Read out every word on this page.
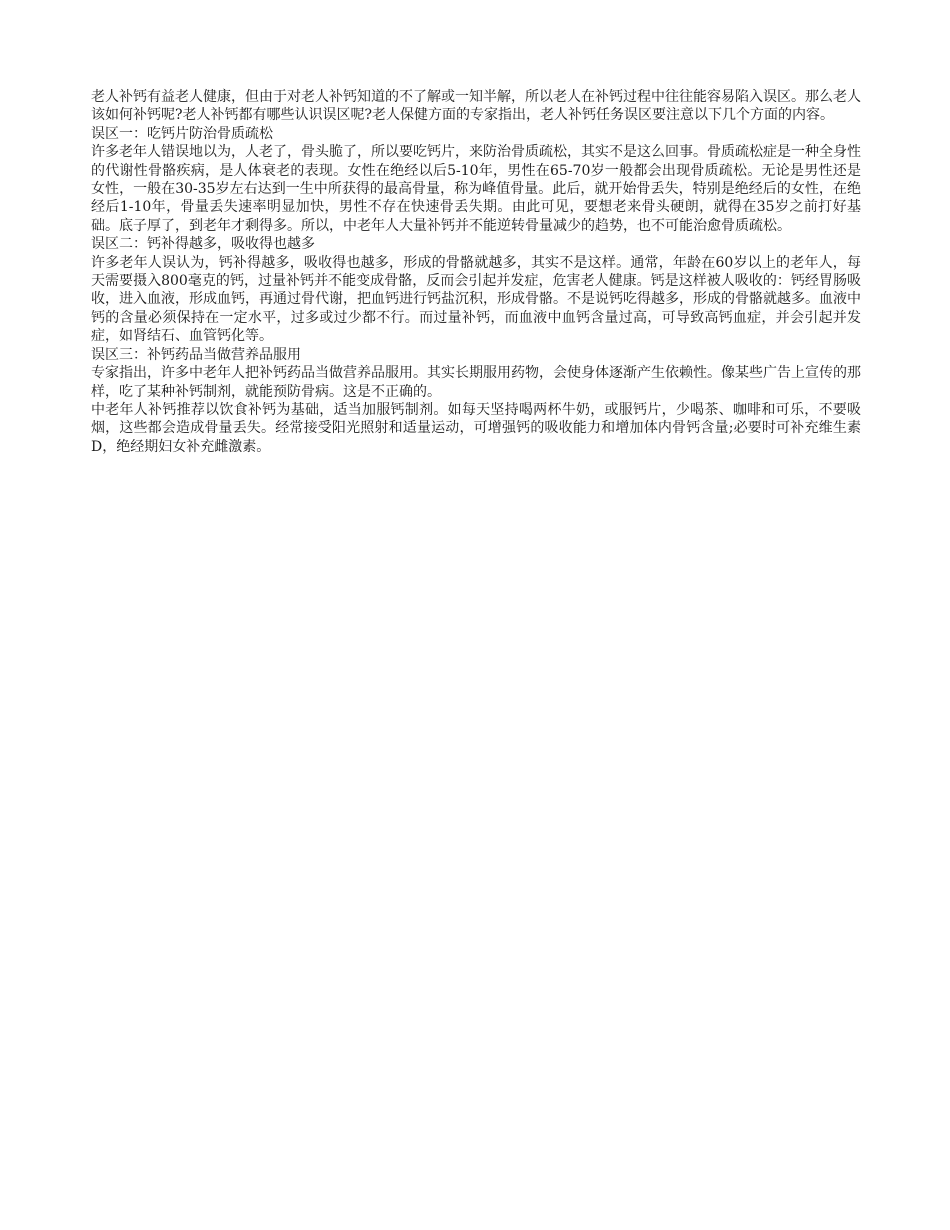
老人补钙有益老人健康，但由于对老人补钙知道的不了解或一知半解，所以老人在补钙过程中往往能容易陷入误区。那么老人该如何补钙呢?老人补钙都有哪些认识误区呢?老人保健方面的专家指出，老人补钙任务误区要注意以下几个方面的内容。

误区一：吃钙片防治骨质疏松

许多老年人错误地以为，人老了，骨头脆了，所以要吃钙片，来防治骨质疏松，其实不是这么回事。骨质疏松症是一种全身性的代谢性骨骼疾病，是人体衰老的表现。女性在绝经以后5-10年，男性在65-70岁一般都会出现骨质疏松。无论是男性还是女性，一般在30-35岁左右达到一生中所获得的最高骨量，称为峰值骨量。此后，就开始骨丢失，特别是绝经后的女性，在绝经后1-10年，骨量丢失速率明显加快，男性不存在快速骨丢失期。由此可见，要想老来骨头硬朗，就得在35岁之前打好基础。底子厚了，到老年才剩得多。所以，中老年人大量补钙并不能逆转骨量减少的趋势，也不可能治愈骨质疏松。

误区二：钙补得越多，吸收得也越多

许多老年人误认为，钙补得越多，吸收得也越多，形成的骨骼就越多，其实不是这样。通常，年龄在60岁以上的老年人，每天需要摄入800毫克的钙，过量补钙并不能变成骨骼，反而会引起并发症，危害老人健康。钙是这样被人吸收的：钙经胃肠吸收，进入血液，形成血钙，再通过骨代谢，把血钙进行钙盐沉积，形成骨骼。不是说钙吃得越多，形成的骨骼就越多。血液中钙的含量必须保持在一定水平，过多或过少都不行。而过量补钙，而血液中血钙含量过高，可导致高钙血症，并会引起并发症，如肾结石、血管钙化等。

误区三：补钙药品当做营养品服用

专家指出，许多中老年人把补钙药品当做营养品服用。其实长期服用药物，会使身体逐渐产生依赖性。像某些广告上宣传的那样，吃了某种补钙制剂，就能预防骨病。这是不正确的。

中老年人补钙推荐以饮食补钙为基础，适当加服钙制剂。如每天坚持喝两杯牛奶，或服钙片，少喝茶、咖啡和可乐，不要吸烟，这些都会造成骨量丢失。经常接受阳光照射和适量运动，可增强钙的吸收能力和增加体内骨钙含量;必要时可补充维生素D，绝经期妇女补充雌激素。
